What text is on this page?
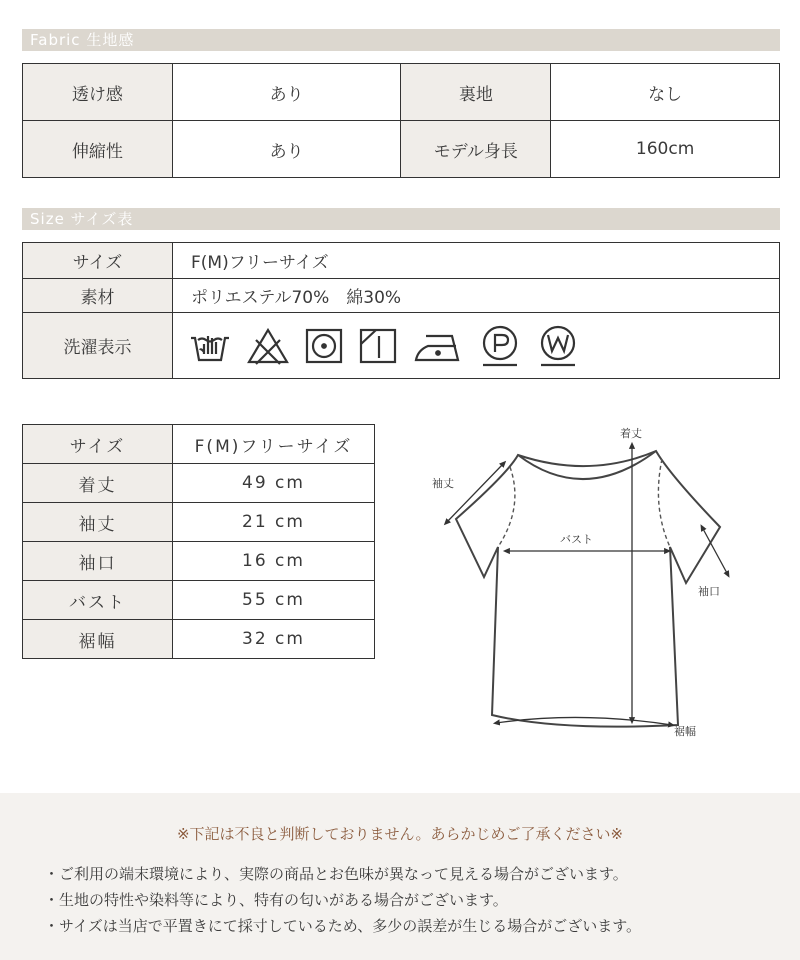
Fabric 生地感
透け感	あり	裏地	なし
伸縮性	あり	モデル身長	160cm
Size サイズ表
サイズ	F(M)フリーサイズ
素材	ポリエステル70%　綿30%
洗濯表示	
サイズ	F(M)フリーサイズ
着丈	49 cm
袖丈	21 cm
袖口	16 cm
バスト	55 cm
裾幅	32 cm
着丈
袖丈
バスト
袖口
裾幅
※下記は不良と判断しておりません。あらかじめご了承ください※
・ご利用の端末環境により、実際の商品とお色味が異なって見える場合がございます。
・生地の特性や染料等により、特有の匂いがある場合がございます。
・サイズは当店で平置きにて採寸しているため、多少の誤差が生じる場合がございます。
